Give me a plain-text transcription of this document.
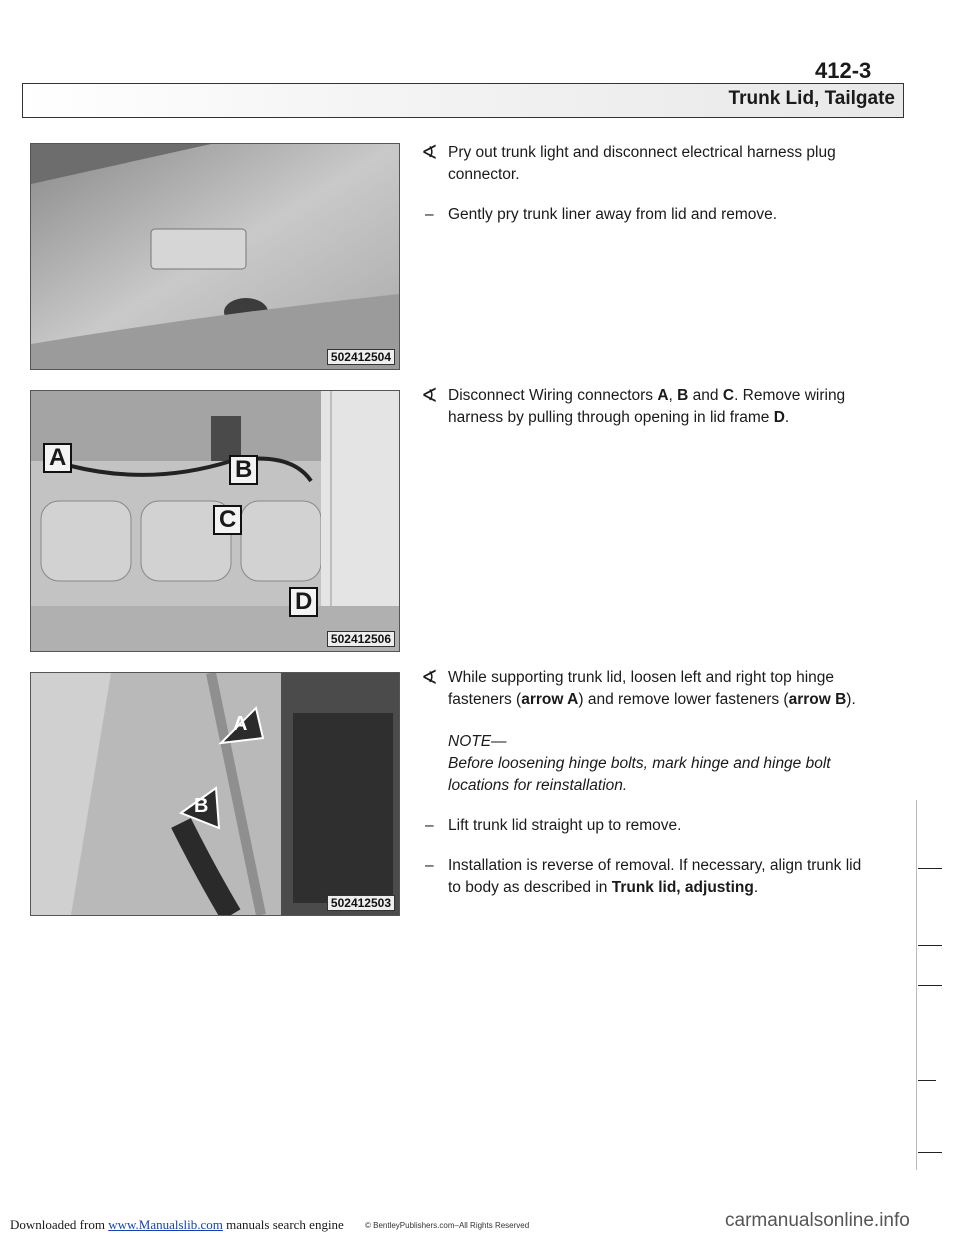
412-3
Trunk Lid, Tailgate
502412504
A	B
C
D
502412506
A
B
502412503

∢ Pry out trunk light and disconnect electrical harness plug connector.

– Gently pry trunk liner away from lid and remove.

∢ Disconnect Wiring connectors A, B and C. Remove wiring harness by pulling through opening in lid frame D.

∢ While supporting trunk lid, loosen left and right top hinge fasteners (arrow A) and remove lower fasteners (arrow B).

NOTE—

Before loosening hinge bolts, mark hinge and hinge bolt locations for reinstallation.

– Lift trunk lid straight up to remove.

– Installation is reverse of removal. If necessary, align trunk lid to body as described in Trunk lid, adjusting.

Downloaded from www.Manualslib.com manuals search engine	© BentleyPublishers.com–All Rights Reserved	carmanualsonline.info
